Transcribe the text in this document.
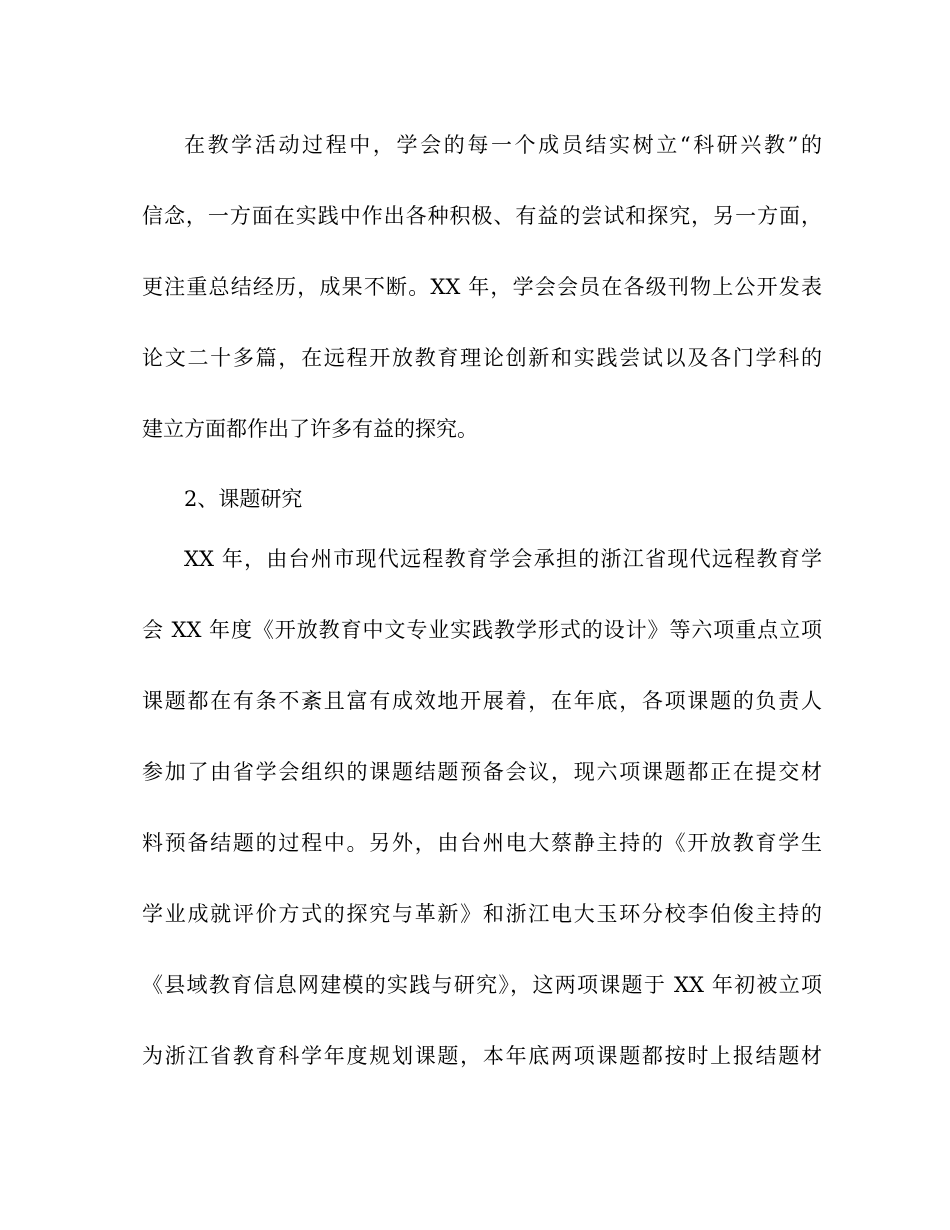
在教学活动过程中，学会的每一个成员结实树立“科研兴教”的
信念，一方面在实践中作出各种积极、有益的尝试和探究，另一方面，
更注重总结经历，成果不断。XX 年，学会会员在各级刊物上公开发表
论文二十多篇，在远程开放教育理论创新和实践尝试以及各门学科的
建立方面都作出了许多有益的探究。
2、课题研究
XX 年，由台州市现代远程教育学会承担的浙江省现代远程教育学
会 XX 年度《开放教育中文专业实践教学形式的设计》等六项重点立项
课题都在有条不紊且富有成效地开展着，在年底，各项课题的负责人
参加了由省学会组织的课题结题预备会议，现六项课题都正在提交材
料预备结题的过程中。另外，由台州电大蔡静主持的《开放教育学生
学业成就评价方式的探究与革新》和浙江电大玉环分校李伯俊主持的
《县域教育信息网建模的实践与研究》，这两项课题于 XX 年初被立项
为浙江省教育科学年度规划课题，本年底两项课题都按时上报结题材
